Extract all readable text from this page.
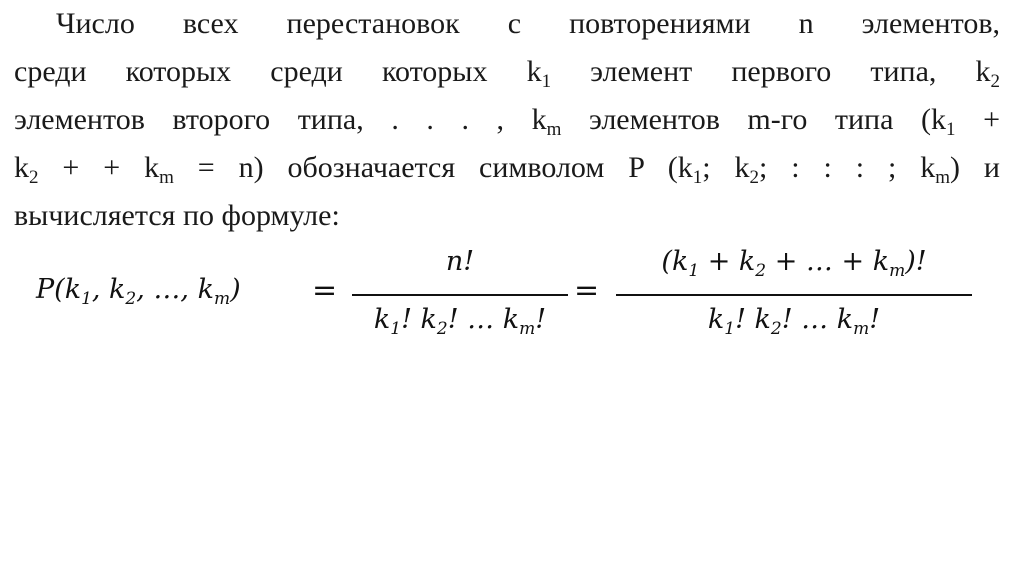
Число всех перестановок с повторениями n элементов,
среди которых среди которых $k_1$ элемент первого типа, $k_2$
элементов второго типа, . . . , $k_m$ элементов m-го типа ($k_1$ +
$k_2$ + + $k_m = n$) обозначается символом P ($k_1$; $k_2$; : : : ; $k_m$) и
вычисляется по формуле:
$P(k_1$, $k_2$, …, $k_m$) =
n!
$k_1$! $k_2$! … $k_m$!
=
($k_1 + k_2$ + … + $k_m$)!
$k_1$! $k_2$! … $k_m$!
